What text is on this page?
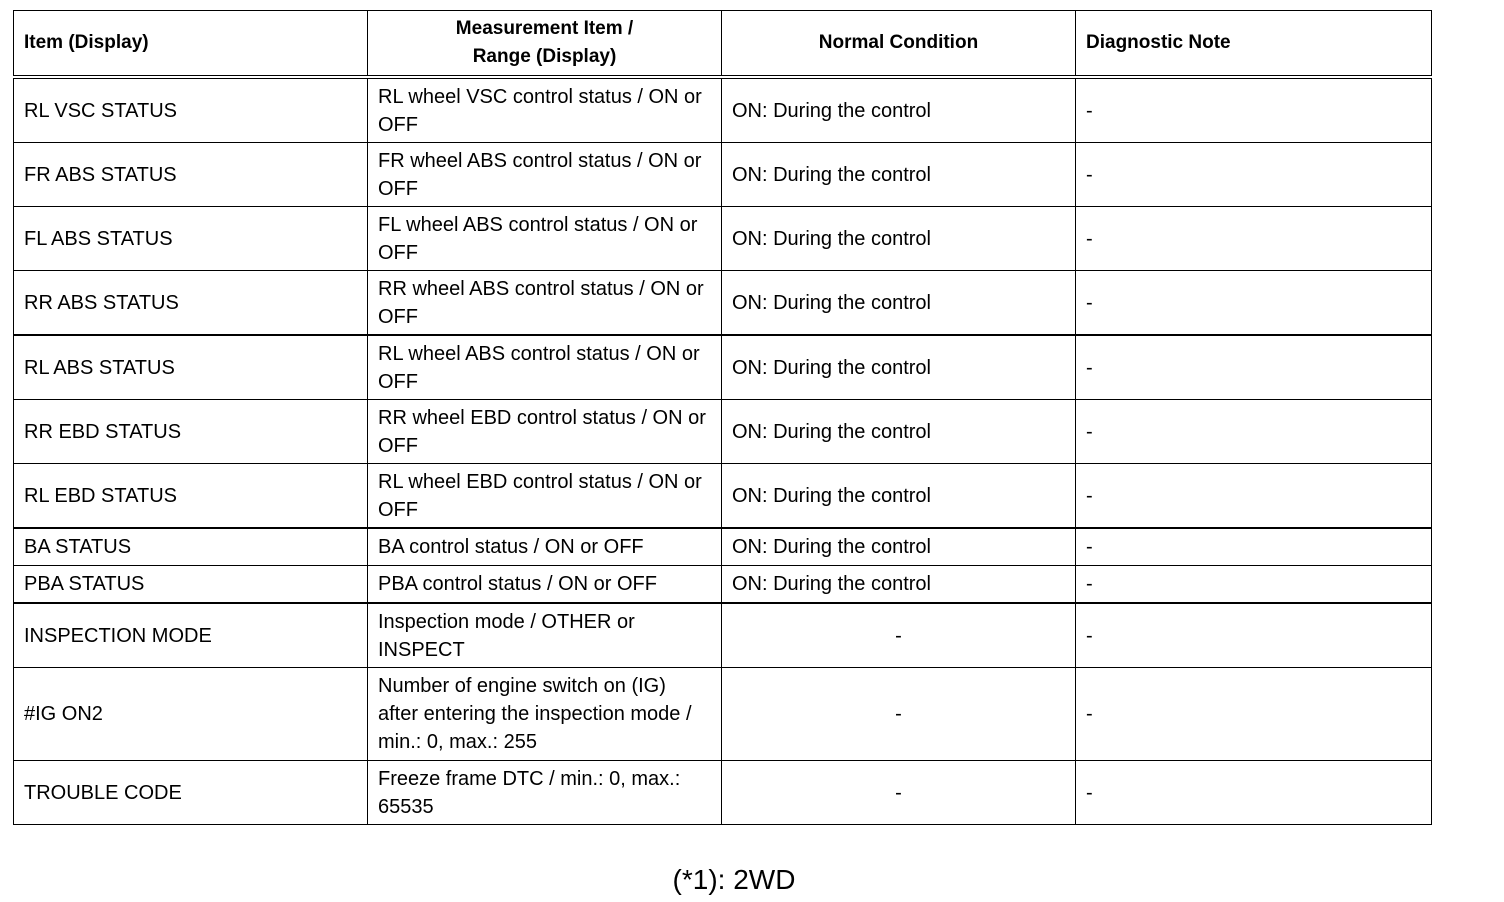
Item (Display)	Measurement Item / Range (Display)	Normal Condition	Diagnostic Note
RL VSC STATUS	RL wheel VSC control status / ON or OFF	ON: During the control	-
FR ABS STATUS	FR wheel ABS control status / ON or OFF	ON: During the control	-
FL ABS STATUS	FL wheel ABS control status / ON or OFF	ON: During the control	-
RR ABS STATUS	RR wheel ABS control status / ON or OFF	ON: During the control	-
RL ABS STATUS	RL wheel ABS control status / ON or OFF	ON: During the control	-
RR EBD STATUS	RR wheel EBD control status / ON or OFF	ON: During the control	-
RL EBD STATUS	RL wheel EBD control status / ON or OFF	ON: During the control	-
BA STATUS	BA control status / ON or OFF	ON: During the control	-
PBA STATUS	PBA control status / ON or OFF	ON: During the control	-
INSPECTION MODE	Inspection mode / OTHER or INSPECT	-	-
#IG ON2	Number of engine switch on (IG) after entering the inspection mode / min.: 0, max.: 255	-	-
TROUBLE CODE	Freeze frame DTC / min.: 0, max.: 65535	-	-
(*1): 2WD
